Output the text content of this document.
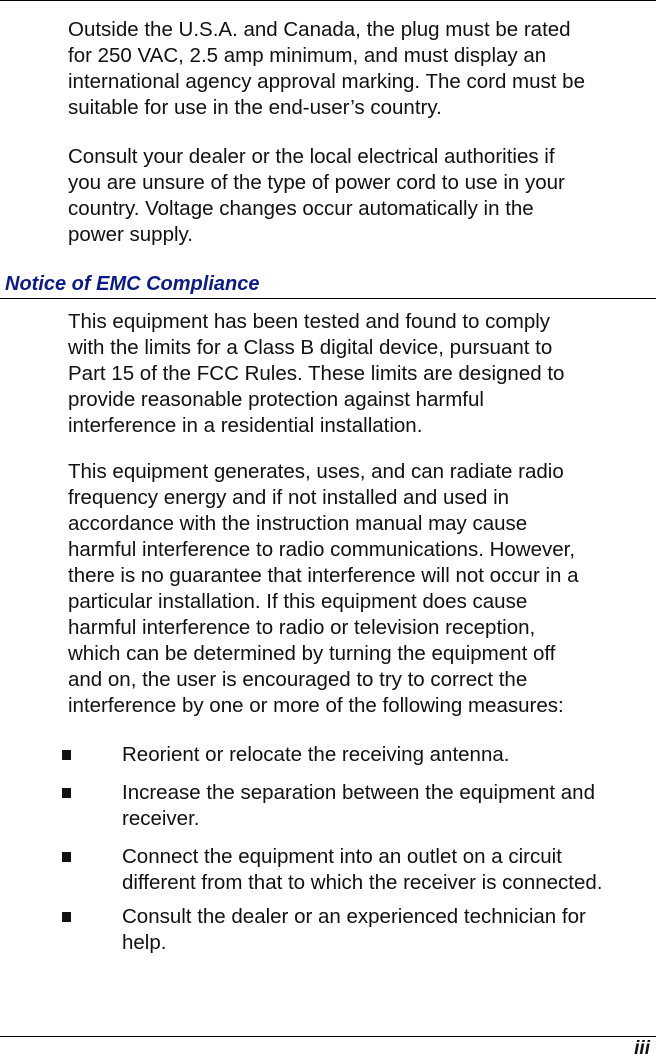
Outside the U.S.A. and Canada, the plug must be rated
for 250 VAC, 2.5 amp minimum, and must display an
international agency approval marking. The cord must be
suitable for use in the end-user’s country.
Consult your dealer or the local electrical authorities if
you are unsure of the type of power cord to use in your
country. Voltage changes occur automatically in the
power supply.
Notice of EMC Compliance
This equipment has been tested and found to comply
with the limits for a Class B digital device, pursuant to
Part 15 of the FCC Rules. These limits are designed to
provide reasonable protection against harmful
interference in a residential installation.
This equipment generates, uses, and can radiate radio
frequency energy and if not installed and used in
accordance with the instruction manual may cause
harmful interference to radio communications. However,
there is no guarantee that interference will not occur in a
particular installation. If this equipment does cause
harmful interference to radio or television reception,
which can be determined by turning the equipment off
and on, the user is encouraged to try to correct the
interference by one or more of the following measures:
Reorient or relocate the receiving antenna.
Increase the separation between the equipment and
receiver.
Connect the equipment into an outlet on a circuit
different from that to which the receiver is connected.
Consult the dealer or an experienced technician for
help.
iii
